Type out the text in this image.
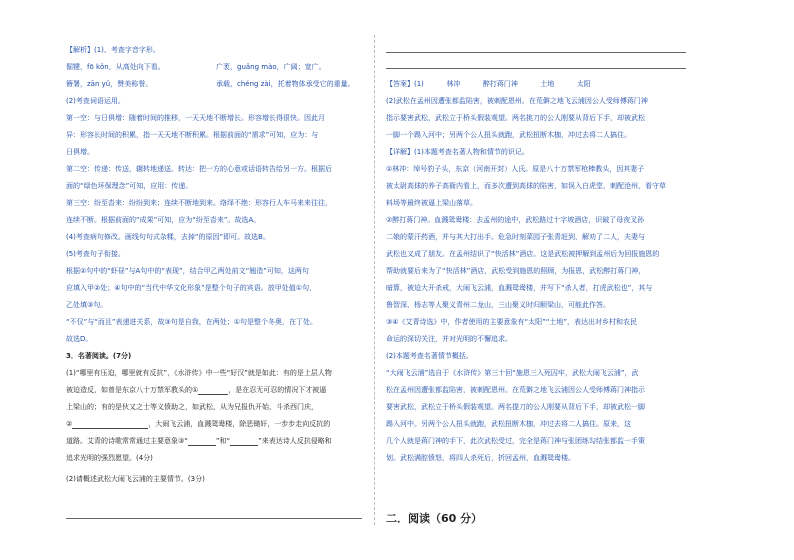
【解析】(1)、考查字音字形。
倔犍，fō kǒn，从高处向下看。	广袤，guǎng mào，广阔；宽广。
簪署，zān yǔ，赞美称誉。	承载，chéng zài，托着物体承受它的重量。
(2)考查词语运用。
第一空：与日俱增：随着时间的推移，一天天地不断增长。形容增长得很快。因此月
异：形容长时间的积累，指一天天地不断积累。根据前面的“需求”可知，应为：与
日俱增。
第二空：传递：传送，辗转地递送。转达：把一方的心意或话语转告给另一方。根据后
面的“绿色环保理念”可知，应用：传递。
第三空：纷至沓来：纷纷到来；连续不断地到来。络绎不绝：形容行人车马来来往往，
连续不断。根据前面的“成果”可知，应为“纷至沓来”。故选A。
(4)考查病句修改。画线句句式杂糅，去掉“的原因”即可。故选B。
(5)考查句子衔接。
根据②句中的“虾昼”与A句中的“表现”，结合甲乙两处前文“翘造”可知，这两句
应填入甲②处；④句中的“当代中华文化形象”是整个句子的宾语。放甲处值①句，
乙处填③句。
“不仅”与“而且”表递进关系，故③句是自我，在两处；①句是整个冬奥，在丁处。
故选D。
3．名著阅读。(7分)
(1)“哪里有压迫，哪里就有反抗”，《水浒传》中一些“好汉”就是如此：有的是上层人物
被迫造反，如曾是东京八十万禁军教头的①	，是在忍无可忍的情况下才被逼
上梁山的；有的是伙又之士等义愤助之，如武松，从为兄报仇开始，斗杀西门庆，
②	，大闹飞云浦，血溅鸳鸯楼，除恶锄奸，一步步走向反抗的
道路。艾青的诗歌常常通过主要意象③“	”和“	”来表达诗人反抗侵略和
追求光明的强烈愿望。(4分)
(2)请概述武松大闹飞云浦的主要情节。(3分)
【答案】(1)	林冲	醉打蒋门神	土地	太阳
(2)武松在孟州因遭张都监陷害，被刺配恩州。在荒僻之地飞云浦因公人受师傅蒋门神
指示要害武松，武松立于桥头假装观望。两名挑刀的公人刚要从背后下手，却被武松
一脚一个踢入河中；另两个公人扭头就跑，武松扭断木枷，冲过去将二人搞住。
【详解】(1)本题考查名著人物和情节的识记。
①林冲：绰号豹子头，东京（河南开封）人氏。原是八十万禁军枪棒教头，因其妻子
被太尉高俅的养子高衙内看上，而多次遭到高俅的陷害，如误入白虎堂，刺配沧州，看守草
料场等最终被逼上梁山落草。
②醉打蒋门神。血溅鸳鸯楼：去孟州的途中，武松路过十字坡酒店，识破了母夜叉孙
二娘的蒙汗药酒，并与其大打出手。危急时刻菜园子张青赶到，解劝了二人，夫妻与
武松也又成了朋友。在孟州结识了“快活林”酒店。这是武松被押解到孟州后为回报施恩的
帮助就要后来为了“快活林”酒店，武松受到施恩的照顾，为报恩，武松醉打蒋门神，
暗算，被迫大开杀戒，大闹飞云浦，血溅鸳鸯楼，并写下“杀人者，打虎武松也”，其与
鲁智深、杨志等人聚义青州二龙山，三山聚义时归顺梁山，可能此作答。
③④《艾青诗选》中，作者使用的主要意象有“太阳”“土地”，表达出对乡村和农民
命运的深切关注，并对光明的不懈追求。
(2)本题考查名著情节概括。
“大闹飞云浦”选自于《水浒传》第三十回“施恩三入死囚牢，武松大闹飞云浦”，武
松在孟州因遭张都监陷害，被刺配恩州。在荒僻之地飞云浦因公人受师傅蒋门神指示
要害武松，武松立于桥头假装观望。两名提刀的公人刚要从背后下手，却被武松一脚
踢入河中。另两个公人扭头就跑，武松扭断木枷，冲过去将二人搞住。原来，这
几个人就是蒋门神的手下，此次武松受过，完全是蒋门神与张团练勾结张都监一手策
划。武松满腔愤怒，将四人杀死后，折回孟州，血溅鸳鸯楼。
二．阅读（60 分）
